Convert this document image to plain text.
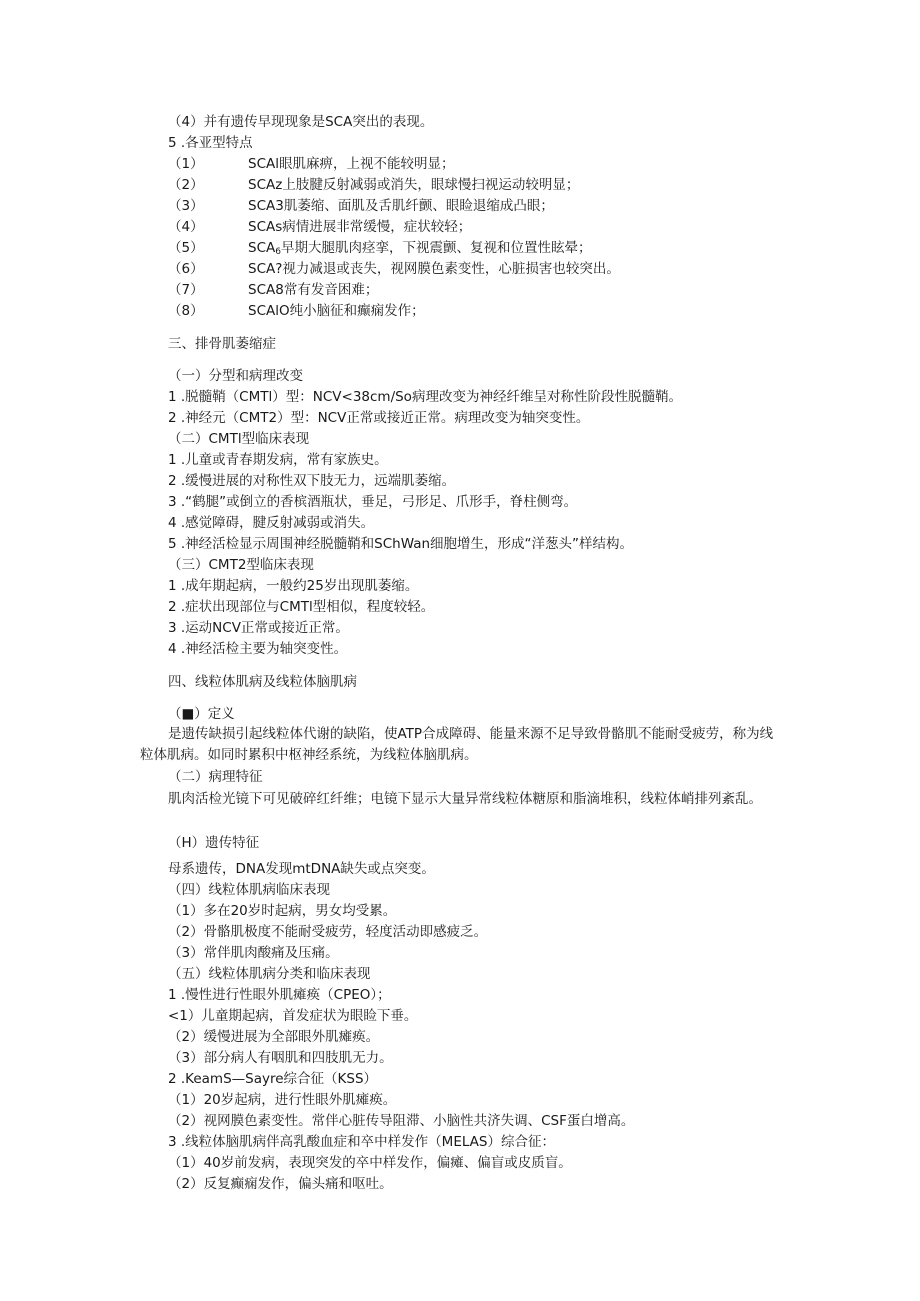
（4）并有遗传早现现象是SCA突出的表现。
5 .各亚型特点
（1）	SCAl眼肌麻痹，上视不能较明显；
（2）	SCAz上肢腱反射减弱或消失，眼球慢扫视运动较明显；
（3）	SCA3肌萎缩、面肌及舌肌纤颤、眼睑退缩成凸眼；
（4）	SCAs病情进展非常缓慢，症状较轻；
（5）	$SCA_6$早期大腿肌肉痉挛，下视震颤、复视和位置性眩晕；
（6）	SCA?视力减退或丧失，视网膜色素变性，心脏损害也较突出。
（7）	SCA8常有发音困难；
（8）	SCAlO纯小脑征和癫痫发作；
三、排骨肌萎缩症
（一）分型和病理改变
1 .脱髓鞘（CMTl）型：NCV<38cm∕So病理改变为神经纤维呈对称性阶段性脱髓鞘。
2 .神经元（CMT2）型：NCV正常或接近正常。病理改变为轴突变性。
（二）CMTl型临床表现
1 .儿童或青春期发病，常有家族史。
2 .缓慢进展的对称性双下肢无力，远端肌萎缩。
3 .“鹤腿”或倒立的香槟酒瓶状，垂足，弓形足、爪形手，脊柱侧弯。
4 .感觉障碍，腱反射减弱或消失。
5 .神经活检显示周围神经脱髓鞘和SChWan细胞增生，形成“洋葱头”样结构。
（三）CMT2型临床表现
1 .成年期起病，一般约25岁出现肌萎缩。
2 .症状出现部位与CMTl型相似，程度较轻。
3 .运动NCV正常或接近正常。
4 .神经活检主要为轴突变性。
四、线粒体肌病及线粒体脑肌病
（■）定义
是遗传缺损引起线粒体代谢的缺陷，使ATP合成障碍、能量来源不足导致骨骼肌不能耐受疲劳，称为线粒体肌病。如同时累积中枢神经系统，为线粒体脑肌病。
（二）病理特征
肌肉活检光镜下可见破碎红纤维；电镜下显示大量异常线粒体糖原和脂滴堆积，线粒体峭排列紊乱。
（H）遗传特征
母系遗传，DNA发现mtDNA缺失或点突变。
（四）线粒体肌病临床表现
（1）多在20岁时起病，男女均受累。
（2）骨骼肌极度不能耐受疲劳，轻度活动即感疲乏。
（3）常伴肌肉酸痛及压痛。
（五）线粒体肌病分类和临床表现
1 .慢性进行性眼外肌瘫痪（CPEO）；
<1）儿童期起病，首发症状为眼睑下垂。
（2）缓慢进展为全部眼外肌瘫痪。
（3）部分病人有咽肌和四肢肌无力。
2 .KeamS—Sayre综合征（KSS）
（1）20岁起病，进行性眼外肌瘫痪。
（2）视网膜色素变性。常伴心脏传导阻滞、小脑性共济失调、CSF蛋白增高。
3 .线粒体脑肌病伴高乳酸血症和卒中样发作（MELAS）综合征：
（1）40岁前发病，表现突发的卒中样发作，偏瘫、偏盲或皮质盲。
（2）反复癫痫发作，偏头痛和呕吐。
